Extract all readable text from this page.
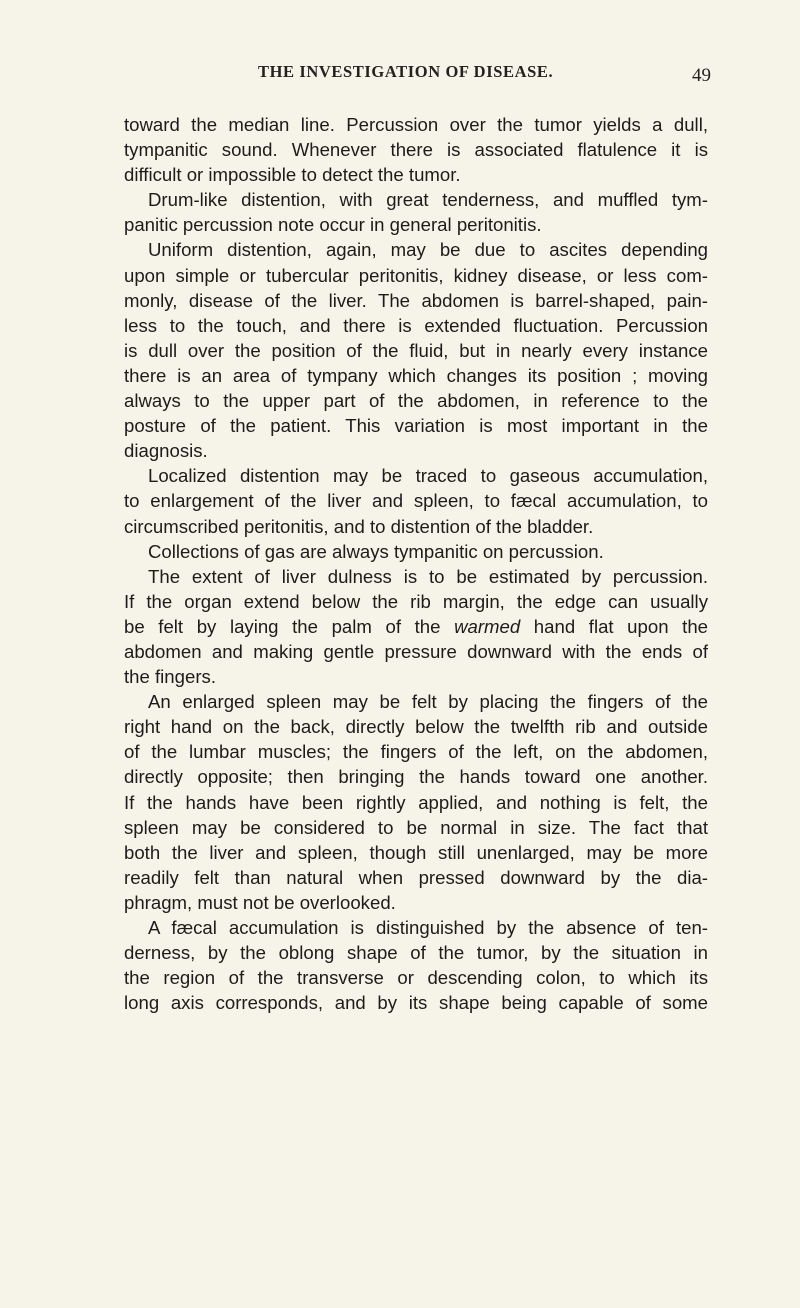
THE INVESTIGATION OF DISEASE.	49
toward the median line. Percussion over the tumor yields a dull,
tympanitic sound. Whenever there is associated flatulence it is
difficult or impossible to detect the tumor.
Drum-like distention, with great tenderness, and muffled tym-
panitic percussion note occur in general peritonitis.
Uniform distention, again, may be due to ascites depending
upon simple or tubercular peritonitis, kidney disease, or less com-
monly, disease of the liver. The abdomen is barrel-shaped, pain-
less to the touch, and there is extended fluctuation. Percussion
is dull over the position of the fluid, but in nearly every instance
there is an area of tympany which changes its position ; moving
always to the upper part of the abdomen, in reference to the
posture of the patient. This variation is most important in the
diagnosis.
Localized distention may be traced to gaseous accumulation,
to enlargement of the liver and spleen, to fæcal accumulation, to
circumscribed peritonitis, and to distention of the bladder.
Collections of gas are always tympanitic on percussion.
The extent of liver dulness is to be estimated by percussion.
If the organ extend below the rib margin, the edge can usually
be felt by laying the palm of the warmed hand flat upon the
abdomen and making gentle pressure downward with the ends of
the fingers.
An enlarged spleen may be felt by placing the fingers of the
right hand on the back, directly below the twelfth rib and outside
of the lumbar muscles; the fingers of the left, on the abdomen,
directly opposite; then bringing the hands toward one another.
If the hands have been rightly applied, and nothing is felt, the
spleen may be considered to be normal in size. The fact that
both the liver and spleen, though still unenlarged, may be more
readily felt than natural when pressed downward by the dia-
phragm, must not be overlooked.
A fæcal accumulation is distinguished by the absence of ten-
derness, by the oblong shape of the tumor, by the situation in
the region of the transverse or descending colon, to which its
long axis corresponds, and by its shape being capable of some
